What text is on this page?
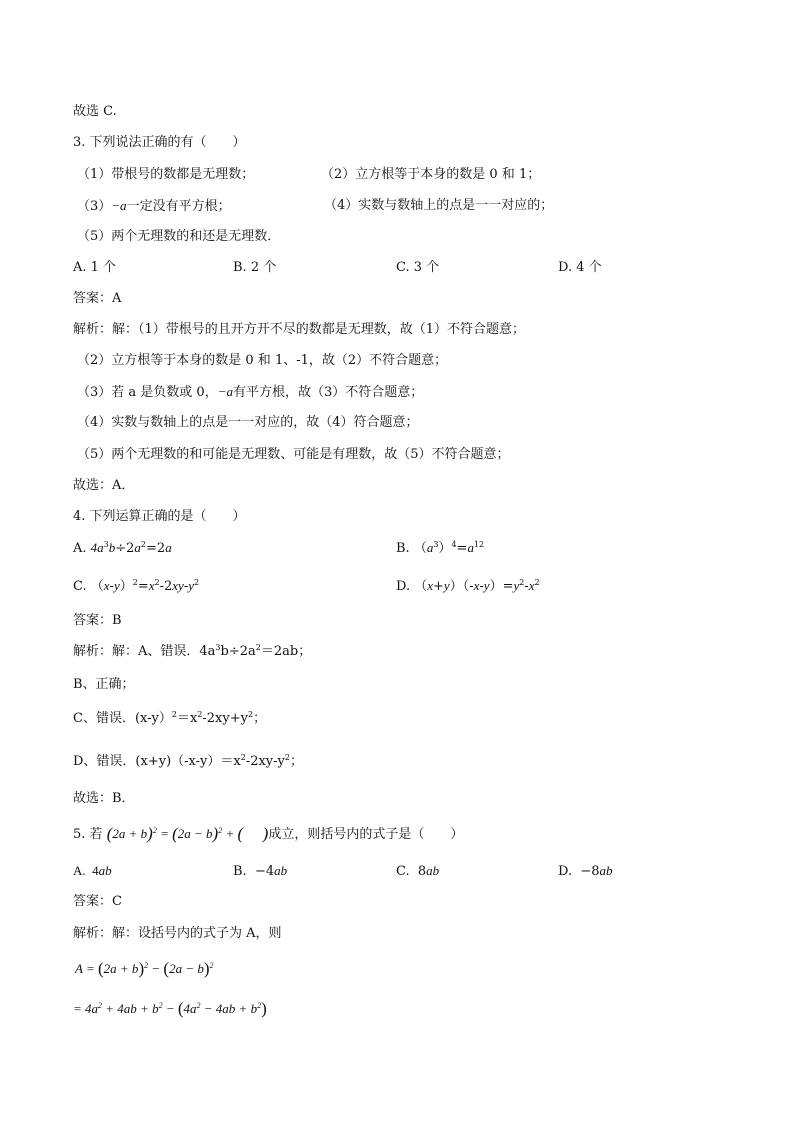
故选 C.
3. 下列说法正确的有（　　）
（1）带根号的数都是无理数；	（2）立方根等于本身的数是 0 和 1；
（3）−a一定没有平方根；	（4）实数与数轴上的点是一一对应的；
（5）两个无理数的和还是无理数．
A. 1 个	B. 2 个	C. 3 个	D. 4 个
答案：A
解析：解：（1）带根号的且开方开不尽的数都是无理数，故（1）不符合题意；
（2）立方根等于本身的数是 0 和 1、-1，故（2）不符合题意；
（3）若 a 是负数或 0，−a有平方根，故（3）不符合题意；
（4）实数与数轴上的点是一一对应的，故（4）符合题意；
（5）两个无理数的和可能是无理数、可能是有理数，故（5）不符合题意；
故选：A．
4. 下列运算正确的是（　　）
A. $4a^3b\div 2a^2=2a$	B. $(a^3)^4=a^{12}$
C. $(x-y)^2=x^2-2xy-y^2$	D. $(x+y)(-x-y)=y^2-x^2$
答案：B
解析：解：A、错误．$4a^3b\div 2a^2=2ab$；
B、正确；
C、错误．$(x-y)^2=x^2-2xy+y^2$；
D、错误．$(x+y)(-x-y)=x^2-2xy-y^2$；
故选：B．
5. 若 $(2a + b)^2 = (2a - b)^2$ + ( )成立，则括号内的式子是（　　）
A.  4ab	B.  −4ab	C.  8ab	D.  −8ab
答案：C
解析：解：设括号内的式子为 A，则
$A = (2a + b)^2 - (2a - b)^2$
= $4a^2 + 4ab + b^2 - (4a^2 - 4ab + b^2)$
